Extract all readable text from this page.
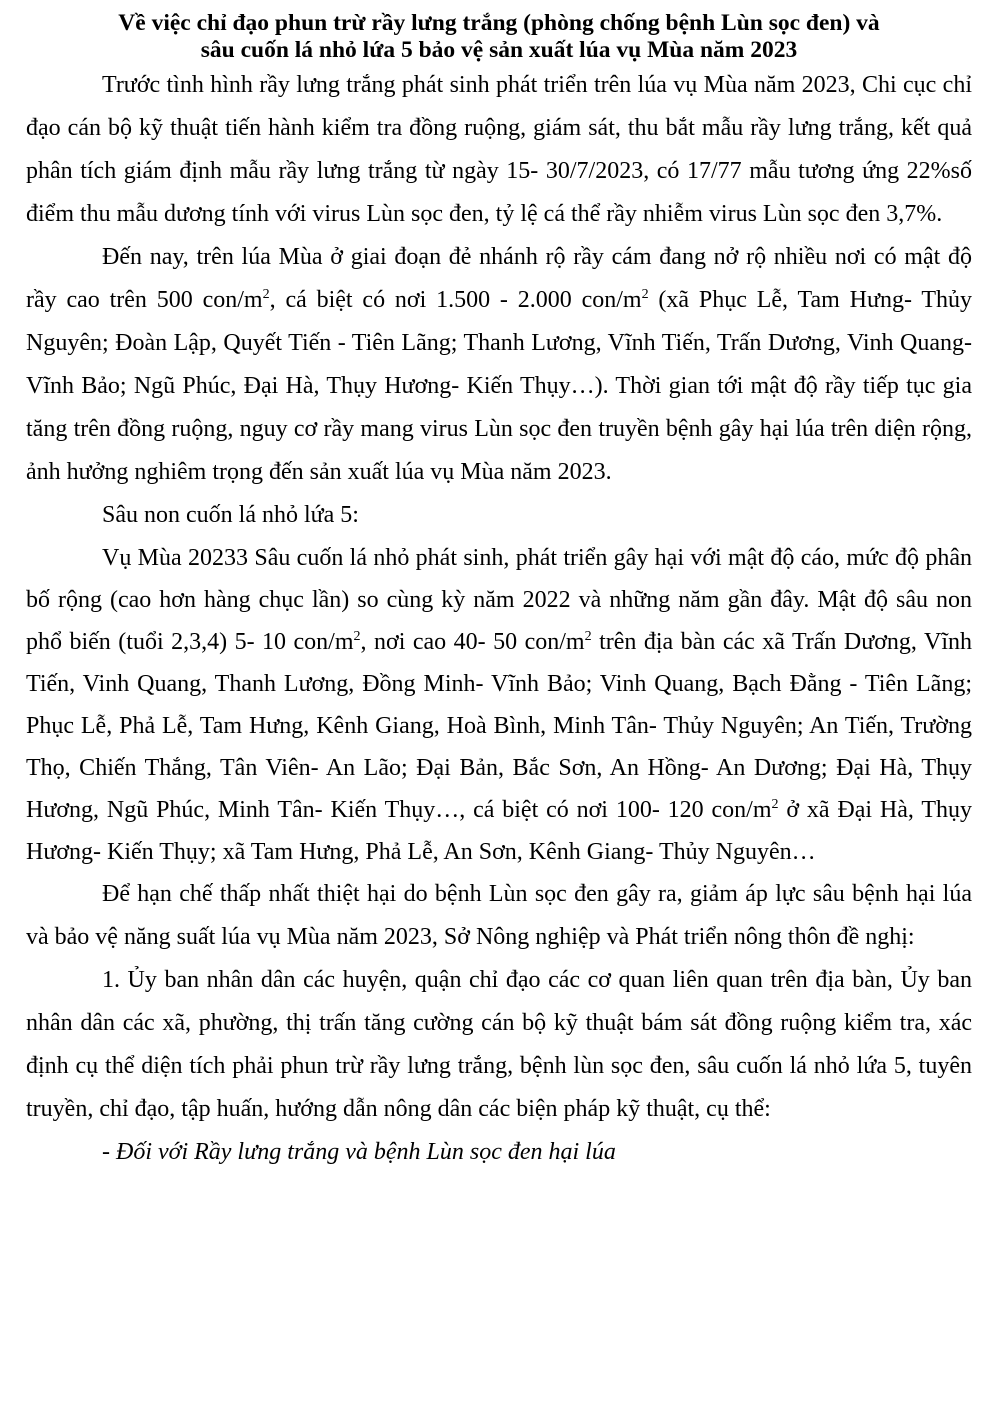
Về việc chỉ đạo phun trừ rầy lưng trắng (phòng chống bệnh Lùn sọc đen) và
sâu cuốn lá nhỏ lứa 5 bảo vệ sản xuất lúa vụ Mùa năm 2023

Trước tình hình rầy lưng trắng phát sinh phát triển trên lúa vụ Mùa năm 2023, Chi cục chỉ đạo cán bộ kỹ thuật tiến hành kiểm tra đồng ruộng, giám sát, thu bắt mẫu rầy lưng trắng, kết quả phân tích giám định mẫu rầy lưng trắng từ ngày 15- 30/7/2023, có 17/77 mẫu tương ứng 22%số điểm thu mẫu dương tính với virus Lùn sọc đen, tỷ lệ cá thể rầy nhiễm virus Lùn sọc đen 3,7%.

Đến nay, trên lúa Mùa ở giai đoạn đẻ nhánh rộ rầy cám đang nở rộ nhiều nơi có mật độ rầy cao trên 500 con/$m^2$, cá biệt có nơi 1.500 - 2.000 con/$m^2$ (xã Phục Lễ, Tam Hưng- Thủy Nguyên; Đoàn Lập, Quyết Tiến - Tiên Lãng; Thanh Lương, Vĩnh Tiến, Trấn Dương, Vinh Quang- Vĩnh Bảo; Ngũ Phúc, Đại Hà, Thụy Hương- Kiến Thụy…). Thời gian tới mật độ rầy tiếp tục gia tăng trên đồng ruộng, nguy cơ rầy mang virus Lùn sọc đen truyền bệnh gây hại lúa trên diện rộng, ảnh hưởng nghiêm trọng đến sản xuất lúa vụ Mùa năm 2023.

Sâu non cuốn lá nhỏ lứa 5:

Vụ Mùa 20233 Sâu cuốn lá nhỏ phát sinh, phát triển gây hại với mật độ cáo, mức độ phân bố rộng (cao hơn hàng chục lần) so cùng kỳ năm 2022 và những năm gần đây. Mật độ sâu non phổ biến (tuổi 2,3,4) 5- 10 con/$m^2$, nơi cao 40- 50 con/$m^2$ trên địa bàn các xã Trấn Dương, Vĩnh Tiến, Vinh Quang, Thanh Lương, Đồng Minh- Vĩnh Bảo; Vinh Quang, Bạch Đằng - Tiên Lãng; Phục Lễ, Phả Lễ, Tam Hưng, Kênh Giang, Hoà Bình, Minh Tân- Thủy Nguyên; An Tiến, Trường Thọ, Chiến Thắng, Tân Viên- An Lão; Đại Bản, Bắc Sơn, An Hồng- An Dương; Đại Hà, Thụy Hương, Ngũ Phúc, Minh Tân- Kiến Thụy…, cá biệt có nơi 100- 120 con/$m^2$ ở xã Đại Hà, Thụy Hương- Kiến Thụy; xã Tam Hưng, Phả Lễ, An Sơn, Kênh Giang- Thủy Nguyên…

Để hạn chế thấp nhất thiệt hại do bệnh Lùn sọc đen gây ra, giảm áp lực sâu bệnh hại lúa và bảo vệ năng suất lúa vụ Mùa năm 2023, Sở Nông nghiệp và Phát triển nông thôn đề nghị:

1. Ủy ban nhân dân các huyện, quận chỉ đạo các cơ quan liên quan trên địa bàn, Ủy ban nhân dân các xã, phường, thị trấn tăng cường cán bộ kỹ thuật bám sát đồng ruộng kiểm tra, xác định cụ thể diện tích phải phun trừ rầy lưng trắng, bệnh lùn sọc đen, sâu cuốn lá nhỏ lứa 5, tuyên truyền, chỉ đạo, tập huấn, hướng dẫn nông dân các biện pháp kỹ thuật, cụ thể:

- Đối với Rầy lưng trắng và bệnh Lùn sọc đen hại lúa
